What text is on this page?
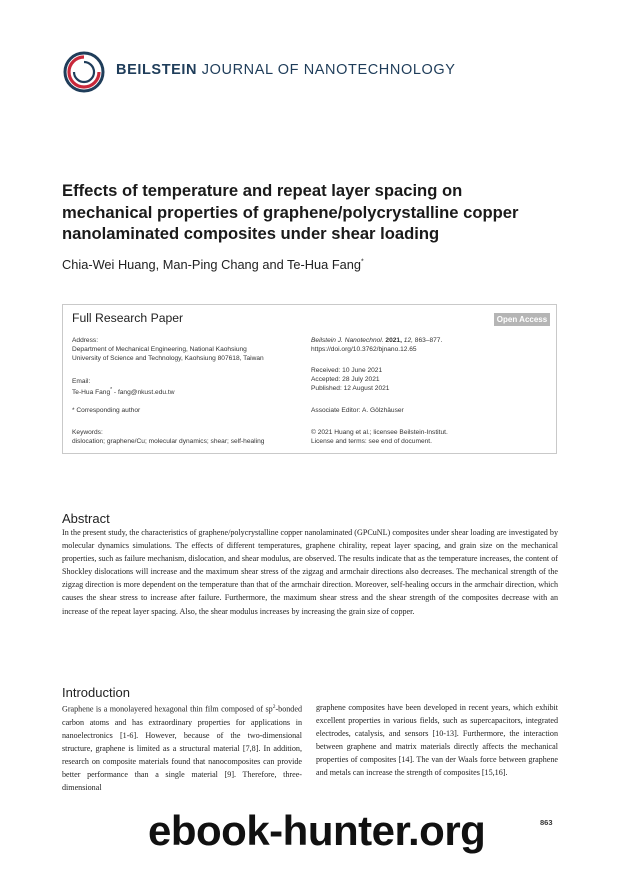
BEILSTEIN JOURNAL OF NANOTECHNOLOGY
Effects of temperature and repeat layer spacing on
mechanical properties of graphene/polycrystalline copper
nanolaminated composites under shear loading
Chia-Wei Huang, Man-Ping Chang and Te-Hua Fang*
Full Research Paper	Open Access
Address:
Department of Mechanical Engineering, National Kaohsiung
University of Science and Technology, Kaohsiung 807618, Taiwan
Email:
Te-Hua Fang* - fang@nkust.edu.tw
* Corresponding author
Keywords:
dislocation; graphene/Cu; molecular dynamics; shear; self-healing
Beilstein J. Nanotechnol. 2021, 12, 863–877.
https://doi.org/10.3762/bjnano.12.65
Received: 10 June 2021
Accepted: 28 July 2021
Published: 12 August 2021
Associate Editor: A. Gölzhäuser
© 2021 Huang et al.; licensee Beilstein-Institut.
License and terms: see end of document.
Abstract
In the present study, the characteristics of graphene/polycrystalline copper nanolaminated (GPCuNL) composites under shear loading are investigated by molecular dynamics simulations. The effects of different temperatures, graphene chirality, repeat layer spacing, and grain size on the mechanical properties, such as failure mechanism, dislocation, and shear modulus, are observed. The results indicate that as the temperature increases, the content of Shockley dislocations will increase and the maximum shear stress of the zigzag and armchair directions also decreases. The mechanical strength of the zigzag direction is more dependent on the temperature than that of the armchair direction. Moreover, self-healing occurs in the armchair direction, which causes the shear stress to increase after failure. Furthermore, the maximum shear stress and the shear strength of the composites decrease with an increase of the repeat layer spacing. Also, the shear modulus increases by increasing the grain size of copper.
Introduction
Graphene is a monolayered hexagonal thin film composed of $sp^2$-bonded carbon atoms and has extraordinary properties for applications in nanoelectronics [1-6]. However, because of the two-dimensional structure, graphene is limited as a structural material [7,8]. In addition, research on composite materials found that nanocomposites can provide better performance than a single material [9]. Therefore, three-dimensional
graphene composites have been developed in recent years, which exhibit excellent properties in various fields, such as supercapacitors, integrated electrodes, catalysis, and sensors [10-13]. Furthermore, the interaction between graphene and matrix materials directly affects the mechanical properties of composites [14]. The van der Waals force between graphene and metals can increase the strength of composites [15,16].
863
ebook-hunter.org
